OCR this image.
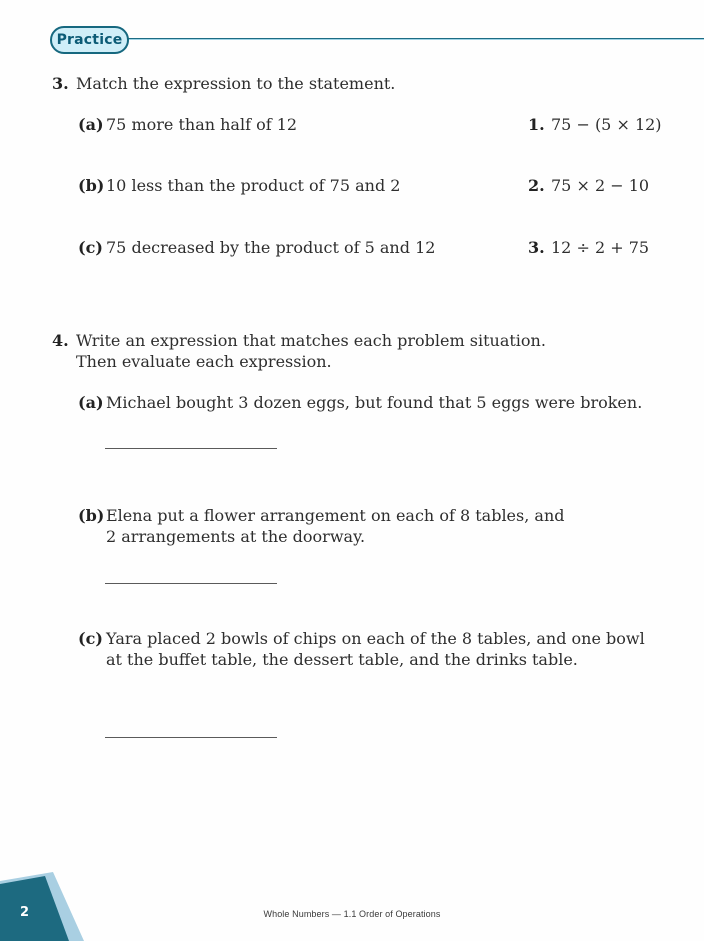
Practice
3. Match the expression to the statement.
(a) 75 more than half of 12	1. 75 − (5 × 12)
(b) 10 less than the product of 75 and 2	2. 75 × 2 − 10
(c) 75 decreased by the product of 5 and 12	3. 12 ÷ 2 + 75
4. Write an expression that matches each problem situation.
Then evaluate each expression.
(a) Michael bought 3 dozen eggs, but found that 5 eggs were broken.
(b) Elena put a flower arrangement on each of 8 tables, and
2 arrangements at the doorway.
(c) Yara placed 2 bowls of chips on each of the 8 tables, and one bowl
at the buffet table, the dessert table, and the drinks table.
2	Whole Numbers — 1.1 Order of Operations
